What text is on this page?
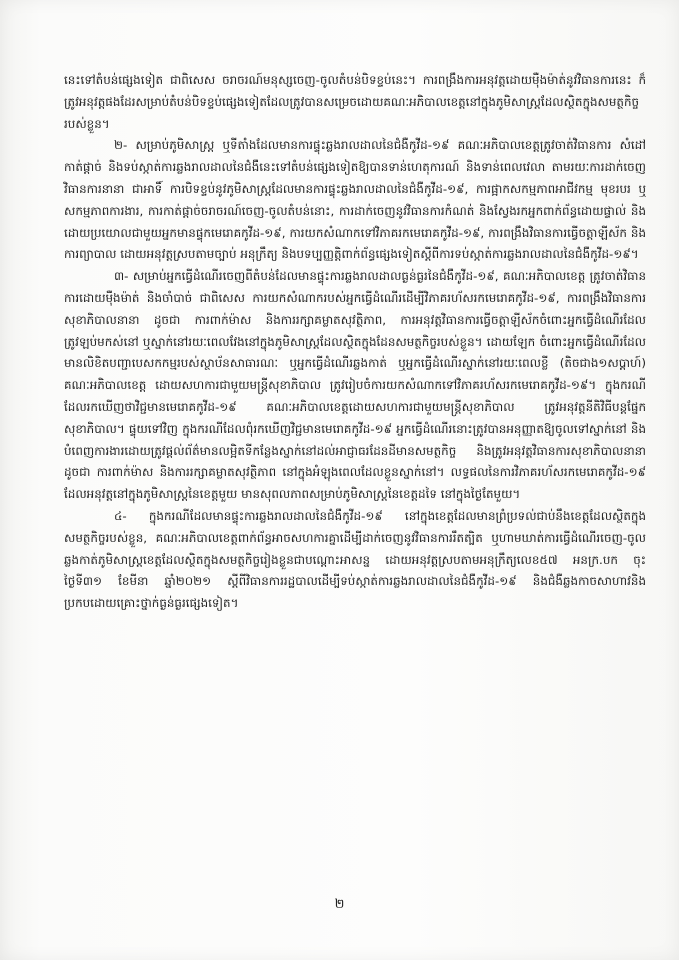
នេះទៅតំបន់ផ្សេងទៀត ជាពិសេស ចរាចរណ៍មនុស្សចេញ-ចូលតំបន់បិទខ្ទប់នេះ។ ការពង្រឹងការអនុវត្តដោយម៉ឺងម៉ាត់នូវវិធានការនេះ ក៏ត្រូវអនុវត្តផងដែរសម្រាប់តំបន់បិទខ្ទប់ផ្សេងទៀតដែលត្រូវបានសម្រេចដោយគណៈអភិបាលខេត្តនៅក្នុងភូមិសាស្ត្រដែលស្ថិតក្នុងសមត្ថកិច្ចរបស់ខ្លួន។

២- សម្រាប់ភូមិសាស្ត្រ ឬទីតាំងដែលមានការផ្ទុះឆ្លងរាលដាលនៃជំងឺកូវីដ-១៩ គណៈអភិបាលខេត្តត្រូវចាត់វិធានការ សំដៅកាត់ផ្តាច់ និងទប់ស្កាត់ការឆ្លងរាលដាលនៃជំងឺនេះទៅតំបន់ផ្សេងទៀតឱ្យបានទាន់ហេតុការណ៍ និងទាន់ពេលវេលា តាមរយៈការដាក់ចេញវិធានការនានា ជាអាទិ៍ ការបិទខ្ទប់នូវភូមិសាស្ត្រដែលមានការផ្ទុះឆ្លងរាលដាលនៃជំងឺកូវីដ-១៩, ការផ្អាកសកម្មភាពអាជីវកម្ម មុខរបរ ឬសកម្មភាពការងារ, ការកាត់ផ្តាច់ចរាចរណ៍ចេញ-ចូលតំបន់នោះ, ការដាក់ចេញនូវវិធានការកំណត់ និងស្វែងរកអ្នកពាក់ព័ន្ធដោយផ្ទាល់ និងដោយប្រយោលជាមួយអ្នកមានផ្ទុកមេរោគកូវីដ-១៩, ការយកសំណាកទៅវិភាគរកមេរោគកូវីដ-១៩, ការពង្រឹងវិធានការធ្វើចត្តាឡីស័ក និងការព្យាបាល ដោយអនុវត្តស្របតាមច្បាប់ អនុក្រឹត្យ និងបទប្បញ្ញត្តិពាក់ព័ន្ធផ្សេងទៀតស្តីពីការទប់ស្កាត់ការឆ្លងរាលដាលនៃជំងឺកូវីដ-១៩។

៣- សម្រាប់អ្នកធ្វើដំណើរចេញពីតំបន់ដែលមានផ្ទុះការឆ្លងរាលដាលធ្ងន់ធ្ងរនៃជំងឺកូវីដ-១៩, គណៈអភិបាលខេត្ត ត្រូវចាត់វិធានការដោយម៉ឺងម៉ាត់ និងចាំបាច់ ជាពិសេស ការយកសំណាករបស់អ្នកធ្វើដំណើរដើម្បីវិភាគរហ័សរកមេរោគកូវីដ-១៩, ការពង្រឹងវិធានការសុខាភិបាលនានា ដូចជា ការពាក់ម៉ាស និងការរក្សាគម្លាតសុវត្ថិភាព, ការអនុវត្តវិធានការធ្វើចត្តាឡីស័កចំពោះអ្នកធ្វើដំណើរដែលត្រូវឡប់មកស់នៅ ឬស្នាក់នៅរយៈពេលវែងនៅក្នុងភូមិសាស្ត្រដែលស្ថិតក្នុងដែនសមត្ថកិច្ចរបស់ខ្លួន។ ដោយឡែក ចំពោះអ្នកធ្វើដំណើរដែលមានលិខិតបញ្ជាបេសកកម្មរបស់ស្ថាប័នសាធារណៈ ឬអ្នកធ្វើដំណើរឆ្លងកាត់ ឬអ្នកធ្វើដំណើរស្នាក់នៅរយៈពេលខ្លី (តិចជាង១សប្តាហ៍) គណៈអភិបាលខេត្ត ដោយសហការជាមួយមន្ត្រីសុខាភិបាល ត្រូវរៀបចំការយកសំណាកទៅវិភាគរហ័សរកមេរោគកូវីដ-១៩។ ក្នុងករណីដែលរកឃើញថាវិជ្ជមានមេរោគកូវីដ-១៩ គណៈអភិបាលខេត្តដោយសហការជាមួយមន្ត្រីសុខាភិបាល ត្រូវអនុវត្តនីតិវិធីបន្តផ្នែកសុខាភិបាល។ ផ្ទុយទៅវិញ ក្នុងករណីដែលពុំរកឃើញវិជ្ជមានមេរោគកូវីដ-១៩ អ្នកធ្វើដំណើរនោះត្រូវបានអនុញ្ញាតឱ្យចូលទៅស្នាក់នៅ និងបំពេញការងារដោយត្រូវផ្តល់ព័ត៌មានលម្អិតទីកន្លែងស្នាក់នៅដល់អាជ្ញាធរដែនដីមានសមត្ថកិច្ច និងត្រូវអនុវត្តវិធានការសុខាភិបាលនានា ដូចជា ការពាក់ម៉ាស និងការរក្សាគម្លាតសុវត្ថិភាព នៅក្នុងអំឡុងពេលដែលខ្លួនស្នាក់នៅ។ លទ្ធផលនៃការវិភាគរហ័សរកមេរោគកូវីដ-១៩ ដែលអនុវត្តនៅក្នុងភូមិសាស្ត្រនៃខេត្តមួយ មានសុពលភាពសម្រាប់ភូមិសាស្ត្រនៃខេត្តដទៃ នៅក្នុងថ្ងៃតែមួយ។

៤- ក្នុងករណីដែលមានផ្ទុះការឆ្លងរាលដាលនៃជំងឺកូវីដ-១៩ នៅក្នុងខេត្តដែលមានព្រំប្រទល់ជាប់នឹងខេត្តដែលស្ថិតក្នុងសមត្ថកិច្ចរបស់ខ្លួន, គណៈអភិបាលខេត្តពាក់ព័ន្ធអាចសហការគ្នាដើម្បីដាក់ចេញនូវវិធានការរឹតត្បិត ឬហាមឃាត់ការធ្វើដំណើរចេញ-ចូលឆ្លងកាត់ភូមិសាស្ត្រខេត្តដែលស្ថិតក្នុងសមត្ថកិច្ចរៀងខ្លួនជាបណ្តោះអាសន្ន ដោយអនុវត្តស្របតាមអនុក្រឹត្យលេខ៥៧ អនក្រ.បក ចុះថ្ងៃទី៣១ ខែមីនា ឆ្នាំ២០២១ ស្តីពីវិធានការរដ្ឋបាលដើម្បីទប់ស្កាត់ការឆ្លងរាលដាលនៃជំងឺកូវីដ-១៩ និងជំងឺឆ្លងកាចសាហាវនិងប្រកបដោយគ្រោះថ្នាក់ធ្ងន់ធ្ងរផ្សេងទៀត។

២
